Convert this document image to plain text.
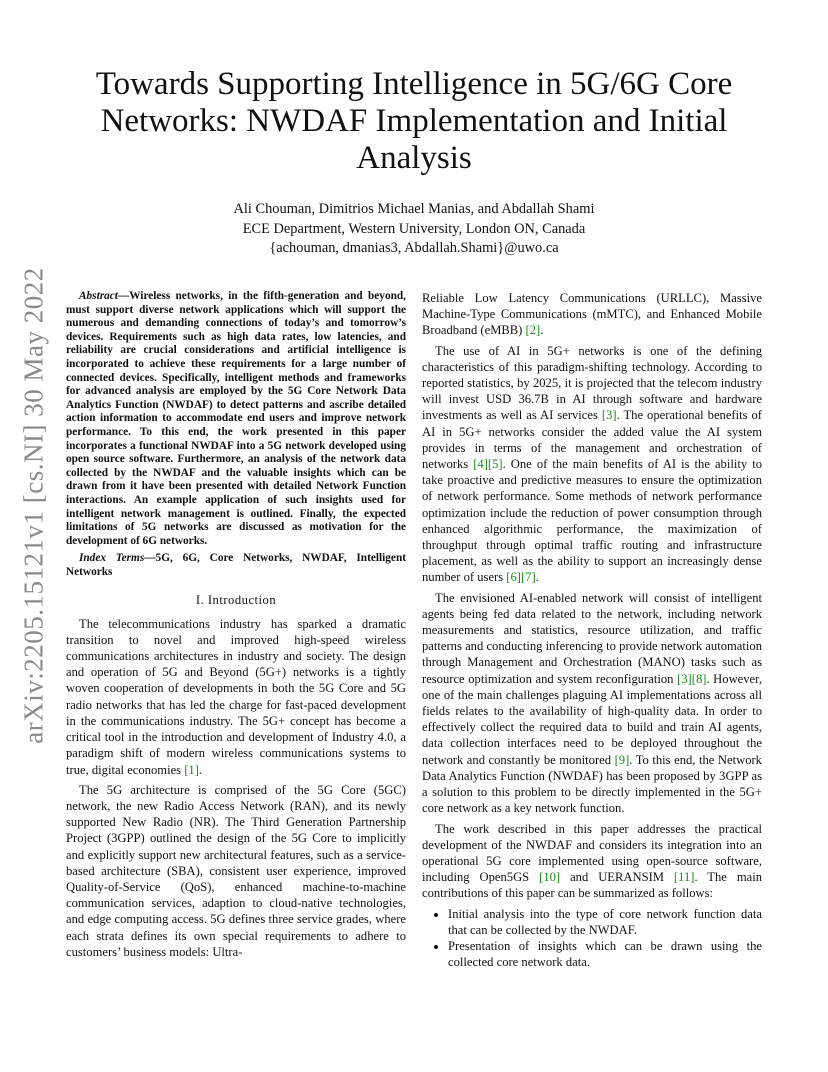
arXiv:2205.15121v1 [cs.NI] 30 May 2022
Towards Supporting Intelligence in 5G/6G Core Networks: NWDAF Implementation and Initial Analysis
Ali Chouman, Dimitrios Michael Manias, and Abdallah Shami
ECE Department, Western University, London ON, Canada
{achouman, dmanias3, Abdallah.Shami}@uwo.ca

Abstract—Wireless networks, in the fifth-generation and beyond, must support diverse network applications which will support the numerous and demanding connections of today’s and tomorrow’s devices. Requirements such as high data rates, low latencies, and reliability are crucial considerations and artificial intelligence is incorporated to achieve these requirements for a large number of connected devices. Specifically, intelligent methods and frameworks for advanced analysis are employed by the 5G Core Network Data Analytics Function (NWDAF) to detect patterns and ascribe detailed action information to accommodate end users and improve network performance. To this end, the work presented in this paper incorporates a functional NWDAF into a 5G network developed using open source software. Furthermore, an analysis of the network data collected by the NWDAF and the valuable insights which can be drawn from it have been presented with detailed Network Function interactions. An example application of such insights used for intelligent network management is outlined. Finally, the expected limitations of 5G networks are discussed as motivation for the development of 6G networks.

Index Terms—5G, 6G, Core Networks, NWDAF, Intelligent Networks

I. Introduction

The telecommunications industry has sparked a dramatic transition to novel and improved high-speed wireless communications architectures in industry and society. The design and operation of 5G and Beyond (5G+) networks is a tightly woven cooperation of developments in both the 5G Core and 5G radio networks that has led the charge for fast-paced development in the communications industry. The 5G+ concept has become a critical tool in the introduction and development of Industry 4.0, a paradigm shift of modern wireless communications systems to true, digital economies [1].

The 5G architecture is comprised of the 5G Core (5GC) network, the new Radio Access Network (RAN), and its newly supported New Radio (NR). The Third Generation Partnership Project (3GPP) outlined the design of the 5G Core to implicitly and explicitly support new architectural features, such as a service-based architecture (SBA), consistent user experience, improved Quality-of-Service (QoS), enhanced machine-to-machine communication services, adaption to cloud-native technologies, and edge computing access. 5G defines three service grades, where each strata defines its own special requirements to adhere to customers’ business models: Ultra-

Reliable Low Latency Communications (URLLC), Massive Machine-Type Communications (mMTC), and Enhanced Mobile Broadband (eMBB) [2].

The use of AI in 5G+ networks is one of the defining characteristics of this paradigm-shifting technology. According to reported statistics, by 2025, it is projected that the telecom industry will invest USD 36.7B in AI through software and hardware investments as well as AI services [3]. The operational benefits of AI in 5G+ networks consider the added value the AI system provides in terms of the management and orchestration of networks [4][5]. One of the main benefits of AI is the ability to take proactive and predictive measures to ensure the optimization of network performance. Some methods of network performance optimization include the reduction of power consumption through enhanced algorithmic performance, the maximization of throughput through optimal traffic routing and infrastructure placement, as well as the ability to support an increasingly dense number of users [6][7].

The envisioned AI-enabled network will consist of intelligent agents being fed data related to the network, including network measurements and statistics, resource utilization, and traffic patterns and conducting inferencing to provide network automation through Management and Orchestration (MANO) tasks such as resource optimization and system reconfiguration [3][8]. However, one of the main challenges plaguing AI implementations across all fields relates to the availability of high-quality data. In order to effectively collect the required data to build and train AI agents, data collection interfaces need to be deployed throughout the network and constantly be monitored [9]. To this end, the Network Data Analytics Function (NWDAF) has been proposed by 3GPP as a solution to this problem to be directly implemented in the 5G+ core network as a key network function.

The work described in this paper addresses the practical development of the NWDAF and considers its integration into an operational 5G core implemented using open-source software, including Open5GS [10] and UERANSIM [11]. The main contributions of this paper can be summarized as follows:

• Initial analysis into the type of core network function data that can be collected by the NWDAF.
• Presentation of insights which can be drawn using the collected core network data.
